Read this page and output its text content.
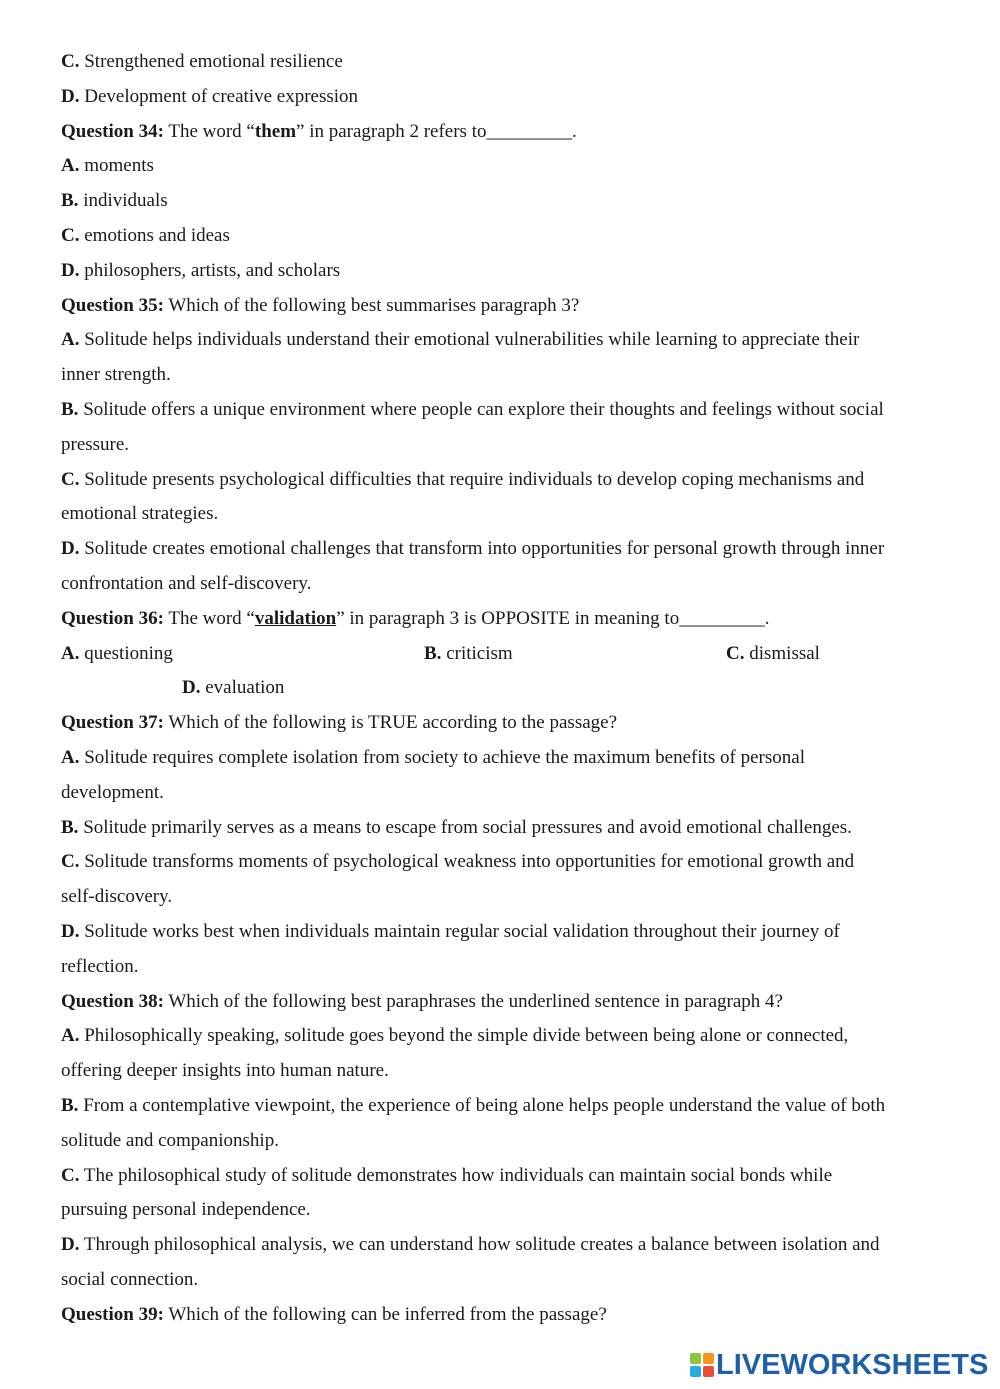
C. Strengthened emotional resilience
D. Development of creative expression
Question 34: The word “them” in paragraph 2 refers to_________.
A. moments
B. individuals
C. emotions and ideas
D. philosophers, artists, and scholars
Question 35: Which of the following best summarises paragraph 3?
A. Solitude helps individuals understand their emotional vulnerabilities while learning to appreciate their
inner strength.
B. Solitude offers a unique environment where people can explore their thoughts and feelings without social
pressure.
C. Solitude presents psychological difficulties that require individuals to develop coping mechanisms and
emotional strategies.
D. Solitude creates emotional challenges that transform into opportunities for personal growth through inner
confrontation and self-discovery.
Question 36: The word “validation” in paragraph 3 is OPPOSITE in meaning to_________.
A. questioning	B. criticism	C. dismissal
D. evaluation
Question 37: Which of the following is TRUE according to the passage?
A. Solitude requires complete isolation from society to achieve the maximum benefits of personal
development.
B. Solitude primarily serves as a means to escape from social pressures and avoid emotional challenges.
C. Solitude transforms moments of psychological weakness into opportunities for emotional growth and
self-discovery.
D. Solitude works best when individuals maintain regular social validation throughout their journey of
reflection.
Question 38: Which of the following best paraphrases the underlined sentence in paragraph 4?
A. Philosophically speaking, solitude goes beyond the simple divide between being alone or connected,
offering deeper insights into human nature.
B. From a contemplative viewpoint, the experience of being alone helps people understand the value of both
solitude and companionship.
C. The philosophical study of solitude demonstrates how individuals can maintain social bonds while
pursuing personal independence.
D. Through philosophical analysis, we can understand how solitude creates a balance between isolation and
social connection.
Question 39: Which of the following can be inferred from the passage?
LIVEWORKSHEETS
